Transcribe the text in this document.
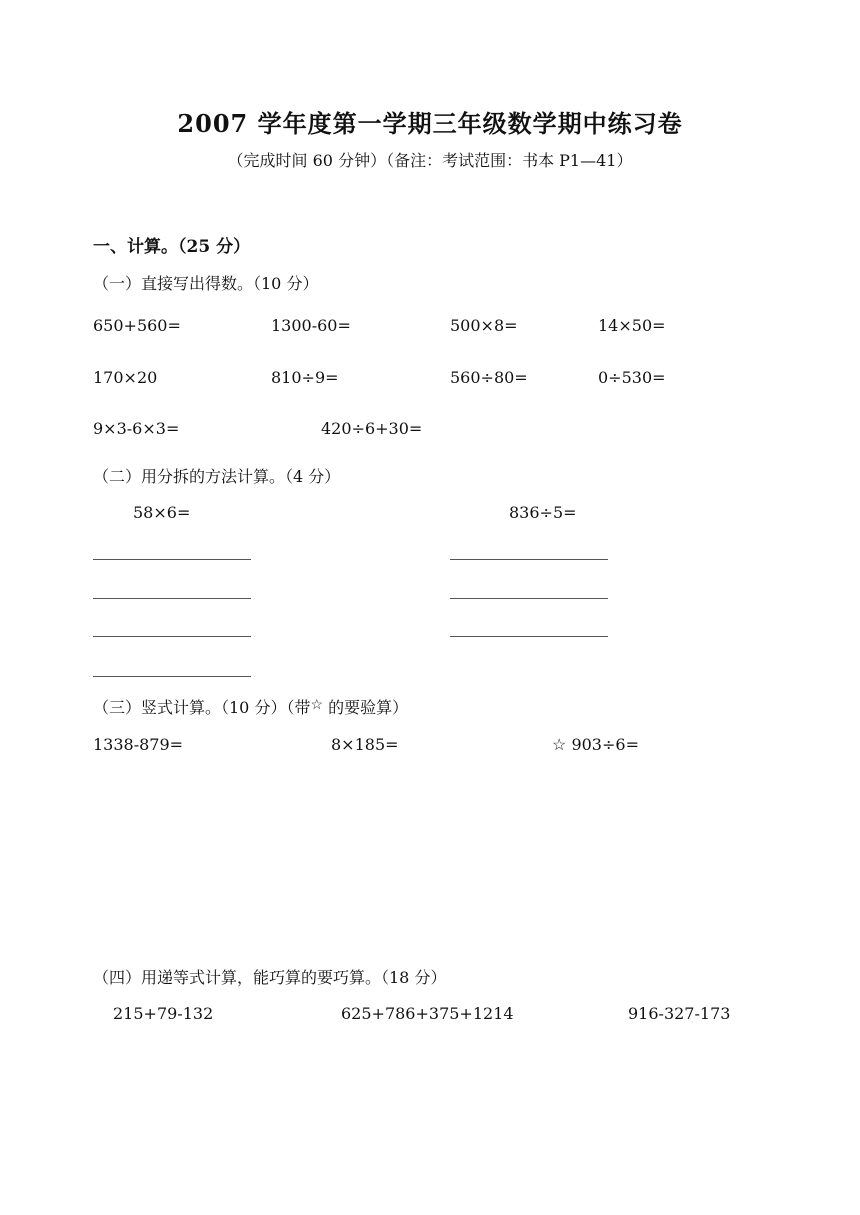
2007 学年度第一学期三年级数学期中练习卷
（完成时间 60 分钟）（备注：考试范围：书本 P1—41）
一、计算。（25 分）
（一）直接写出得数。（10 分）
650+560=	1300-60=	500×8=	14×50=
170×20	810÷9=	560÷80=	0÷530=
9×3-6×3=	420÷6+30=
（二）用分拆的方法计算。（4 分）
58×6=	836÷5=
（三）竖式计算。（10 分）（带☆ 的要验算）
1338-879=	8×185=	☆ 903÷6=
（四）用递等式计算，能巧算的要巧算。（18 分）
215+79-132	625+786+375+1214	916-327-173
